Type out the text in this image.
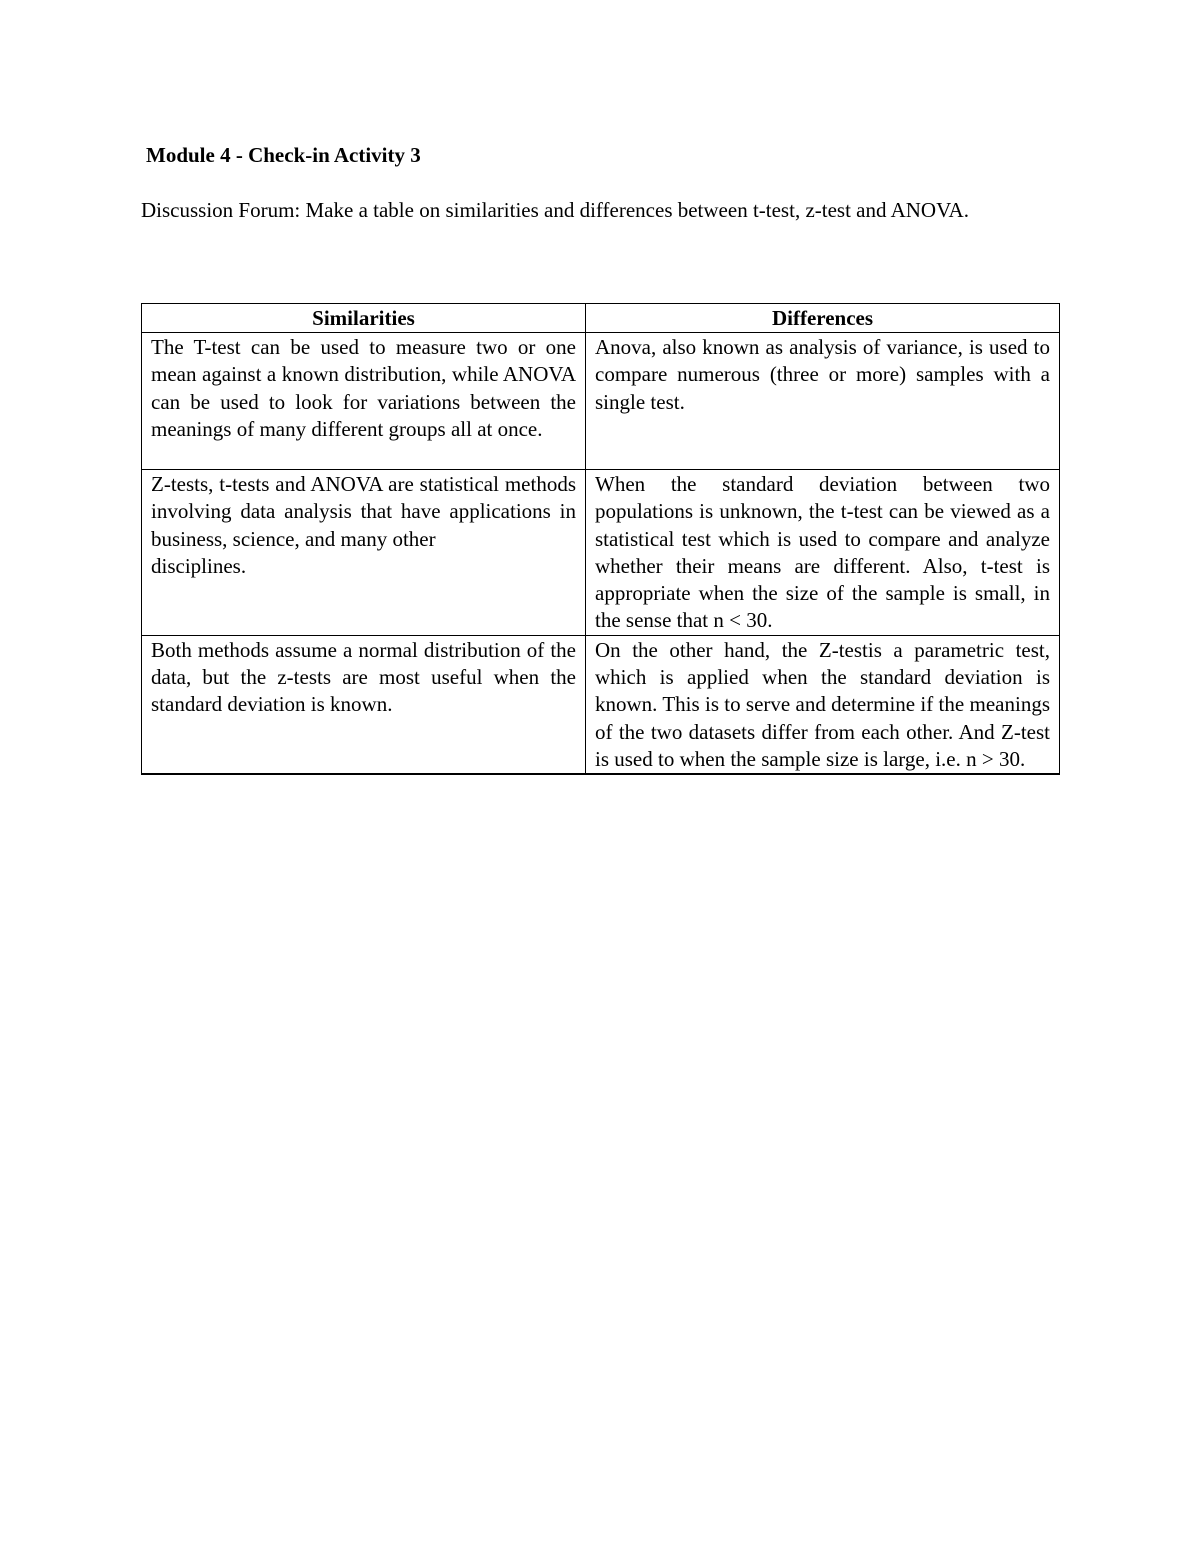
Module 4 - Check-in Activity 3

Discussion Forum: Make a table on similarities and differences between t-test, z-test and ANOVA.

Similarities	Differences
The T-test can be used to measure two or one mean against a known distribution, while ANOVA can be used to look for variations between the meanings of many different groups all at once.	Anova, also known as analysis of variance, is used to compare numerous (three or more) samples with a single test.

Z-tests, t-tests and ANOVA are statistical methods involving data analysis that have applications in business, science, and many other
disciplines.	When the standard deviation between two populations is unknown, the t-test can be viewed as a statistical test which is used to compare and analyze whether their means are different. Also, t-test is appropriate when the size of the sample is small, in the sense that n < 30.
Both methods assume a normal distribution of the data, but the z-tests are most useful when the standard deviation is known.	On the other hand, the Z-testis a parametric test, which is applied when the standard deviation is known. This is to serve and determine if the meanings of the two datasets differ from each other. And Z-test is used to when the sample size is large, i.e. n > 30.
